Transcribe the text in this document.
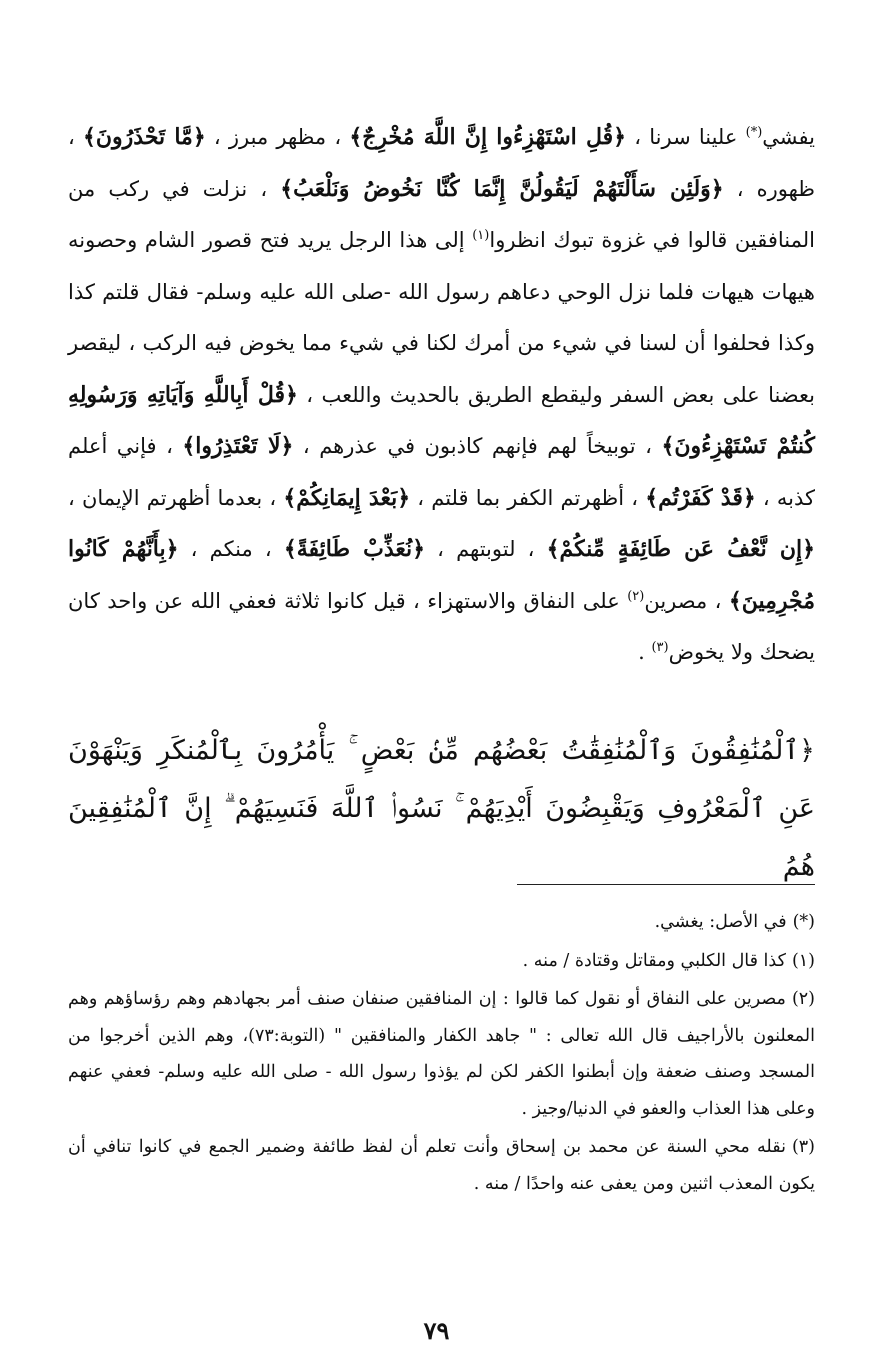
يفشي(*) علينا سرنا ، ﴿قُلِ اسْتَهْزِءُوا إِنَّ اللَّهَ مُخْرِجٌ﴾ ، مظهر مبرز ، ﴿مَّا تَحْذَرُونَ﴾ ، ظهوره ، ﴿وَلَئِن سَأَلْتَهُمْ لَيَقُولُنَّ إِنَّمَا كُنَّا نَخُوضُ وَنَلْعَبُ﴾ ، نزلت في ركب من المنافقين قالوا في غزوة تبوك انظروا$^{(١)}$ إلى هذا الرجل يريد فتح قصور الشام وحصونه هيهات هيهات فلما نزل الوحي دعاهم رسول الله -صلى الله عليه وسلم- فقال قلتم كذا وكذا فحلفوا أن لسنا في شيء من أمرك لكنا في شيء مما يخوض فيه الركب ، ليقصر بعضنا على بعض السفر وليقطع الطريق بالحديث واللعب ، ﴿قُلْ أَبِاللَّهِ وَآيَاتِهِ وَرَسُولِهِ كُنتُمْ تَسْتَهْزِءُونَ﴾ ، توبيخاً لهم فإنهم كاذبون في عذرهم ، ﴿لَا تَعْتَذِرُوا﴾ ، فإني أعلم كذبه ، ﴿قَدْ كَفَرْتُم﴾ ، أظهرتم الكفر بما قلتم ، ﴿بَعْدَ إِيمَانِكُمْ﴾ ، بعدما أظهرتم الإيمان ، ﴿إِن نَّعْفُ عَن طَائِفَةٍ مِّنكُمْ﴾ ، لتوبتهم ، ﴿نُعَذِّبْ طَائِفَةً﴾ ، منكم ، ﴿بِأَنَّهُمْ كَانُوا مُجْرِمِينَ﴾ ، مصرين$^{(٢)}$ على النفاق والاستهزاء ، قيل كانوا ثلاثة فعفي الله عن واحد كان يضحك ولا يخوض$^{(٣)}$ .

﴿ٱلْمُنَٰفِقُونَ وَٱلْمُنَٰفِقَٰتُ بَعْضُهُم مِّنۢ بَعْضٍ ۚ يَأْمُرُونَ بِٱلْمُنكَرِ وَيَنْهَوْنَ عَنِ ٱلْمَعْرُوفِ وَيَقْبِضُونَ أَيْدِيَهُمْ ۚ نَسُوا۟ ٱللَّهَ فَنَسِيَهُمْ ۗ إِنَّ ٱلْمُنَٰفِقِينَ هُمُ

(*)في الأصل: يغشي.
(١)كذا قال الكلبي ومقاتل وقتادة / منه .
(٢)مصرين على النفاق أو نقول كما قالوا : إن المنافقين صنفان صنف أمر بجهادهم وهم رؤساؤهم وهم المعلنون بالأراجيف قال الله تعالى : " جاهد الكفار والمنافقين " (التوبة:٧٣)، وهم الذين أخرجوا من المسجد وصنف ضعفة وإن أبطنوا الكفر لكن لم يؤذوا رسول الله - صلى الله عليه وسلم- فعفي عنهم وعلى هذا العذاب والعفو في الدنيا/وجيز .
(٣)نقله محي السنة عن محمد بن إسحاق وأنت تعلم أن لفظ طائفة وضمير الجمع في كانوا تنافي أن يكون المعذب اثنين ومن يعفى عنه واحدًا / منه .
٧٩
